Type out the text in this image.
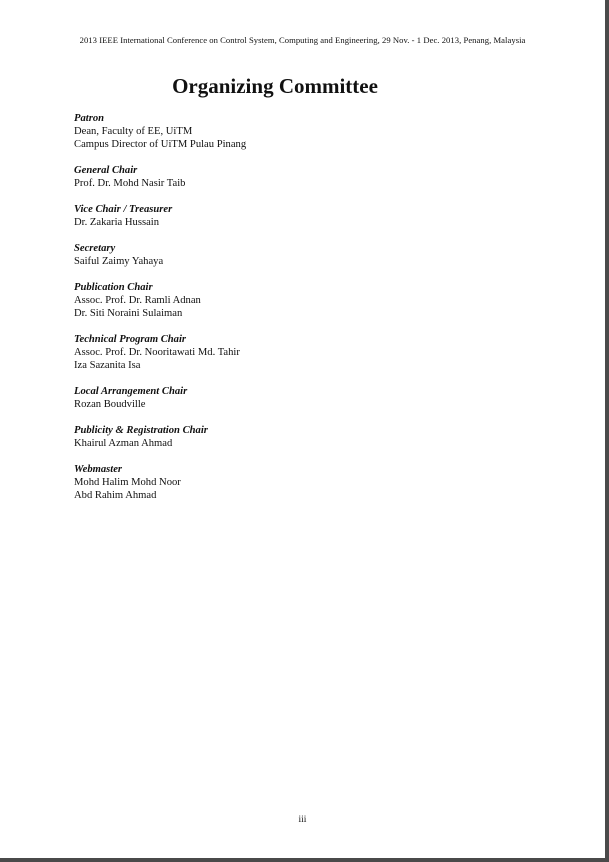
2013 IEEE International Conference on Control System, Computing and Engineering, 29 Nov. - 1 Dec. 2013, Penang, Malaysia
Organizing Committee
Patron
Dean, Faculty of EE, UiTM
Campus Director of UiTM Pulau Pinang
General Chair
Prof. Dr. Mohd Nasir Taib
Vice Chair / Treasurer
Dr. Zakaria Hussain
Secretary
Saiful Zaimy Yahaya
Publication Chair
Assoc. Prof. Dr. Ramli Adnan
Dr. Siti Noraini Sulaiman
Technical Program Chair
Assoc. Prof. Dr. Nooritawati Md. Tahir
Iza Sazanita Isa
Local Arrangement Chair
Rozan Boudville
Publicity & Registration Chair
Khairul Azman Ahmad
Webmaster
Mohd Halim Mohd Noor
Abd Rahim Ahmad
iii
